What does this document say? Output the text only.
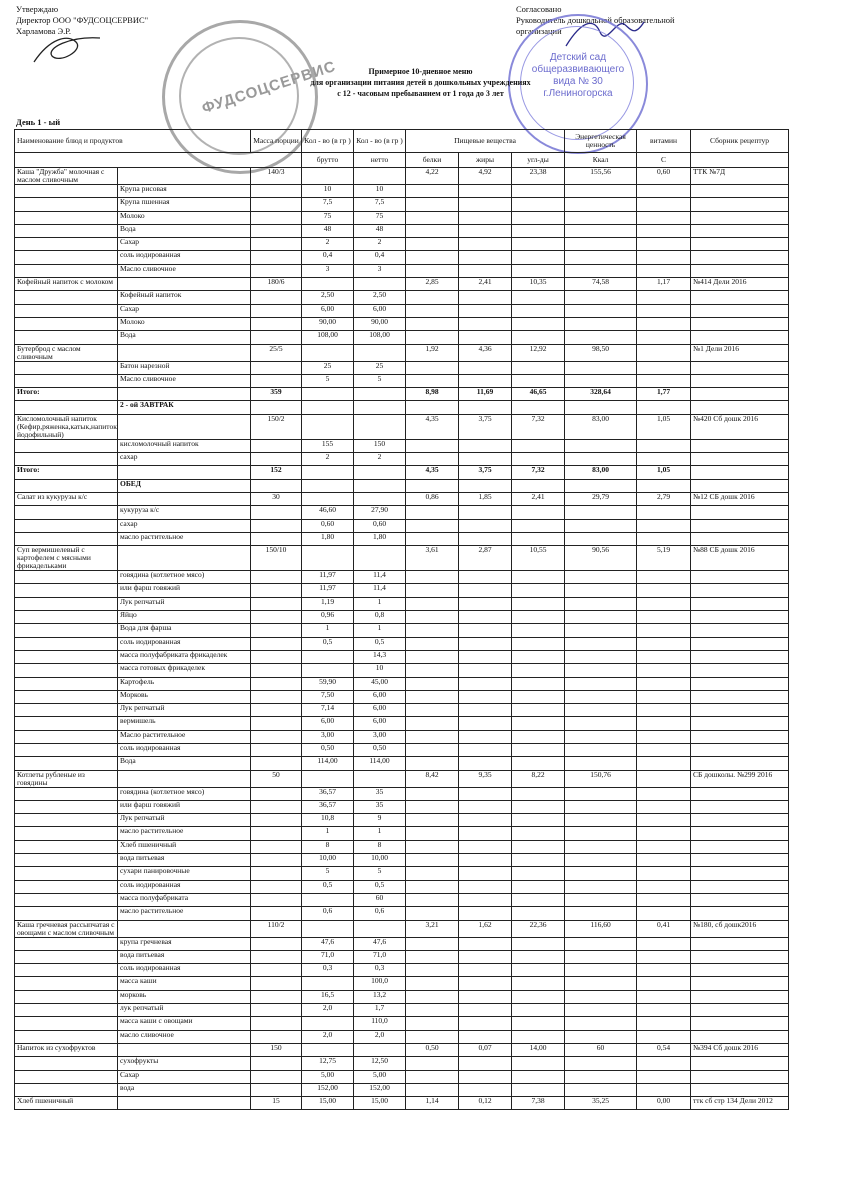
Утверждаю
Директор ООО "ФУДСОЦСЕРВИС"
Харламова Э.Р.
Согласовано
Руководитель дошкольной образовательной
организации
ФУДСОЦСЕРВИС
Детский сад общеразвивающего вида № 30 г.Лениногорска
Примерное 10-дневное меню
для организации питания детей в дошкольных учреждениях
с 12 - часовым пребыванием от 1 года до 3 лет
День 1 - ый
Наименование блюд и продуктов		Масса порции	Кол - во (в гр )	Кол - во (в гр )	Пищевые вещества			Энергетическая ценность	витамин	Сборник рецептур
			брутто	нетто	белки	жиры	угл-ды	Ккал	С	
Каша "Дружба" молочная с маслом сливочным		140/3			4,22	4,92	23,38	155,56	0,60	ТТК №7Д
	Крупа рисовая		10	10						
	Крупа пшенная		7,5	7,5						
	Молоко		75	75						
	Вода		48	48						
	Сахар		2	2						
	соль иодированная		0,4	0,4						
	Масло сливочное		3	3						
Кофейный напиток с молоком		180/6			2,85	2,41	10,35	74,58	1,17	№414 Дели 2016
	Кофейный напиток		2,50	2,50						
	Сахар		6,00	6,00						
	Молоко		90,00	90,00						
	Вода		108,00	108,00						
Бутерброд с маслом сливочным		25/5			1,92	4,36	12,92	98,50		№1 Дели 2016
	Батон нарезной		25	25						
	Масло сливочное		5	5						
Итого:		359			8,98	11,69	46,65	328,64	1,77	
	2 - ой ЗАВТРАК									
Кисломолочный напиток (Кефир,ряженка,катык,напиток йодофильный)		150/2			4,35	3,75	7,32	83,00	1,05	№420 Сб дошк 2016
	кисломолочный напиток		155	150						
	сахар		2	2						
Итого:		152			4,35	3,75	7,32	83,00	1,05	
	ОБЕД									
Салат из кукурузы к/с		30			0,86	1,85	2,41	29,79	2,79	№12 СБ дошк 2016
	кукуруза к/с		46,60	27,90						
	сахар		0,60	0,60						
	масло растительное		1,80	1,80						
Суп вермишелевый с картофелем с мясными фрикадельками		150/10			3,61	2,87	10,55	90,56	5,19	№88 СБ дошк 2016
	говядина (котлетное мясо)		11,97	11,4						
	или фарш говяжий		11,97	11,4						
	Лук репчатый		1,19	1						
	Яйцо		0,96	0,8						
	Вода для фарша		1	1						
	соль иодированная		0,5	0,5						
	масса полуфабриката фрикаделек			14,3						
	масса готовых фрикаделек			10						
	Картофель		59,90	45,00						
	Морковь		7,50	6,00						
	Лук репчатый		7,14	6,00						
	вермишель		6,00	6,00						
	Масло растительное		3,00	3,00						
	соль иодированная		0,50	0,50						
	Вода		114,00	114,00						
Котлеты рубленые из говядины		50			8,42	9,35	8,22	150,76		СБ дошколы. №299 2016
	говядина (котлетное мясо)		36,57	35						
	или фарш говяжий		36,57	35						
	Лук репчатый		10,8	9						
	масло растительное		1	1						
	Хлеб пшеничный		8	8						
	вода питьевая		10,00	10,00						
	сухари панировочные		5	5						
	соль иодированная		0,5	0,5						
	масса полуфабриката			60						
	масло растительное		0,6	0,6						
Каша гречневая рассыпчатая с овощами с маслом сливочным		110/2			3,21	1,62	22,36	116,60	0,41	№180, сб дошк2016
	крупа гречневая		47,6	47,6						
	вода питьевая		71,0	71,0						
	соль иодированная		0,3	0,3						
	масса каши			100,0						
	морковь		16,5	13,2						
	лук репчатый		2,0	1,7						
	масса каши с овощами			110,0						
	масло сливочное		2,0	2,0						
Напиток из сухофруктов		150			0,50	0,07	14,00	60	0,54	№394 Сб дошк 2016
	сухофрукты		12,75	12,50						
	Сахар		5,00	5,00						
	вода		152,00	152,00						
Хлеб пшеничный		15	15,00	15,00	1,14	0,12	7,38	35,25	0,00	ттк сб стр 134 Дели 2012
